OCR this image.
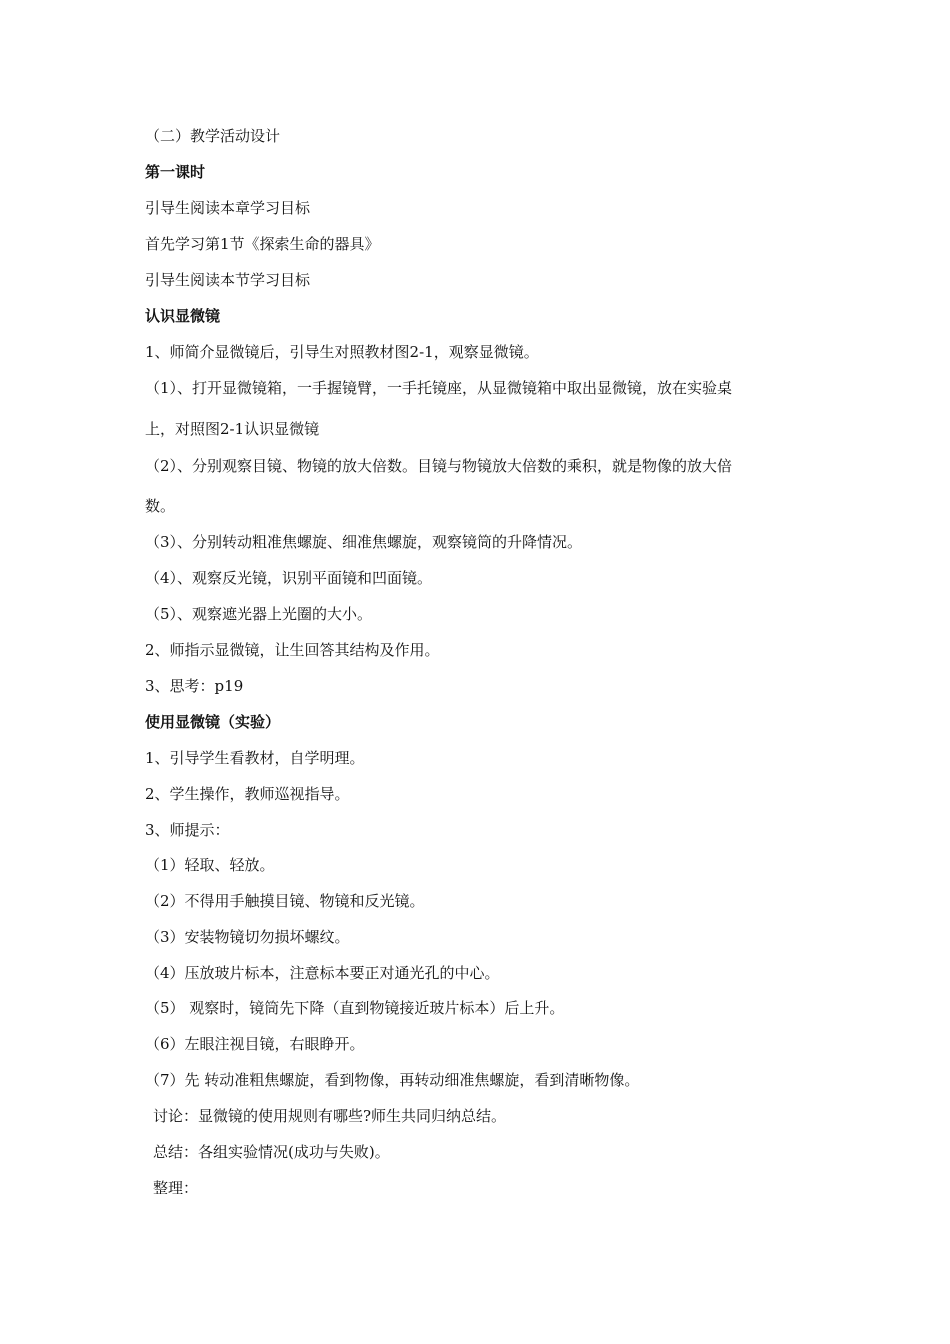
（二）教学活动设计
第一课时
引导生阅读本章学习目标
首先学习第1节《探索生命的器具》
引导生阅读本节学习目标
认识显微镜
1、师简介显微镜后，引导生对照教材图2-1，观察显微镜。
（1）、打开显微镜箱，一手握镜臂，一手托镜座，从显微镜箱中取出显微镜，放在实验桌
上，对照图2-1认识显微镜
（2）、分别观察目镜、物镜的放大倍数。目镜与物镜放大倍数的乘积，就是物像的放大倍
数。
（3）、分别转动粗准焦螺旋、细准焦螺旋，观察镜筒的升降情况。
（4）、观察反光镜，识别平面镜和凹面镜。
（5）、观察遮光器上光圈的大小。
2、师指示显微镜，让生回答其结构及作用。
3、思考：p19
使用显微镜（实验）
1、引导学生看教材，自学明理。
2、学生操作，教师巡视指导。
3、师提示：
（1）轻取、轻放。
（2）不得用手触摸目镜、物镜和反光镜。
（3）安装物镜切勿损坏螺纹。
（4）压放玻片标本，注意标本要正对通光孔的中心。
（5） 观察时，镜筒先下降（直到物镜接近玻片标本）后上升。
（6）左眼注视目镜，右眼睁开。
（7）先 转动准粗焦螺旋，看到物像，再转动细准焦螺旋，看到清晰物像。
讨论：显微镜的使用规则有哪些?师生共同归纳总结。
总结：各组实验情况(成功与失败)。
整理：
